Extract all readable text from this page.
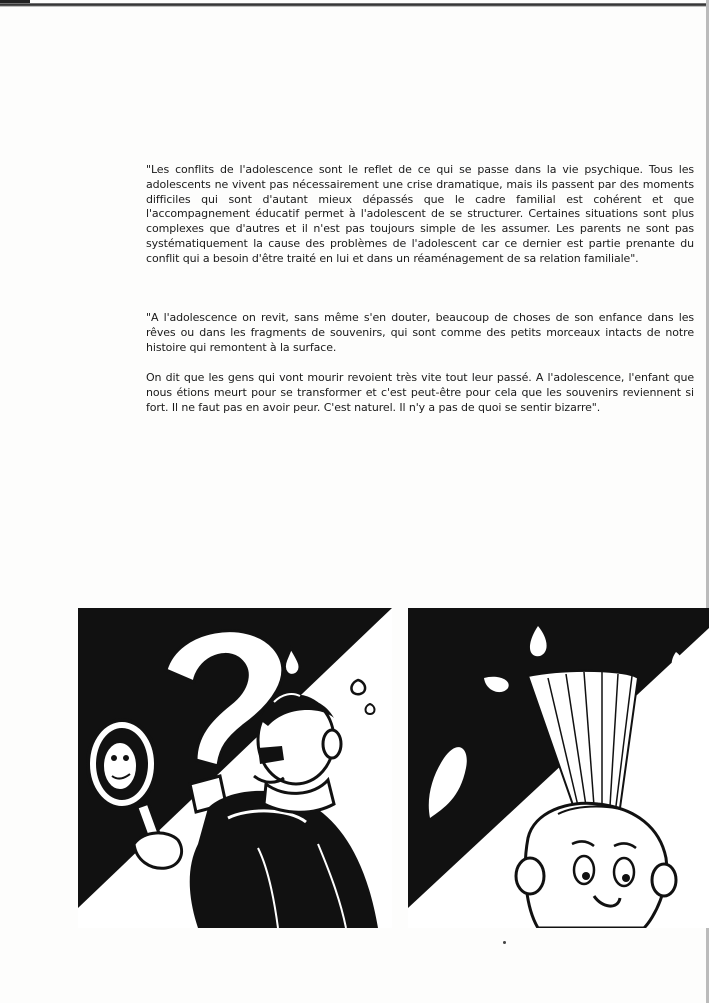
"Les conflits de l'adolescence sont le reflet de ce qui se passe dans la vie psychique. Tous les adolescents ne vivent pas nécessairement une crise dramatique, mais ils passent par des moments difficiles qui sont d'autant mieux dépassés que le cadre familial est cohérent et que l'accompagnement éducatif permet à l'adolescent de se structurer. Certaines situations sont plus complexes que d'autres et il n'est pas toujours simple de les assumer. Les parents ne sont pas systématiquement la cause des problèmes de l'adolescent car ce dernier est partie prenante du conflit qui a besoin d'être traité en lui et dans un réaménagement de sa relation familiale".

"A l'adolescence on revit, sans même s'en douter, beaucoup de choses de son enfance dans les rêves ou dans les fragments de souvenirs, qui sont comme des petits morceaux intacts de notre histoire qui remontent à la surface.

On dit que les gens qui vont mourir revoient très vite tout leur passé. A l'adolescence, l'enfant que nous étions meurt pour se transformer et c'est peut-être pour cela que les souvenirs reviennent si fort. Il ne faut pas en avoir peur. C'est naturel. Il n'y a pas de quoi se sentir bizarre".
